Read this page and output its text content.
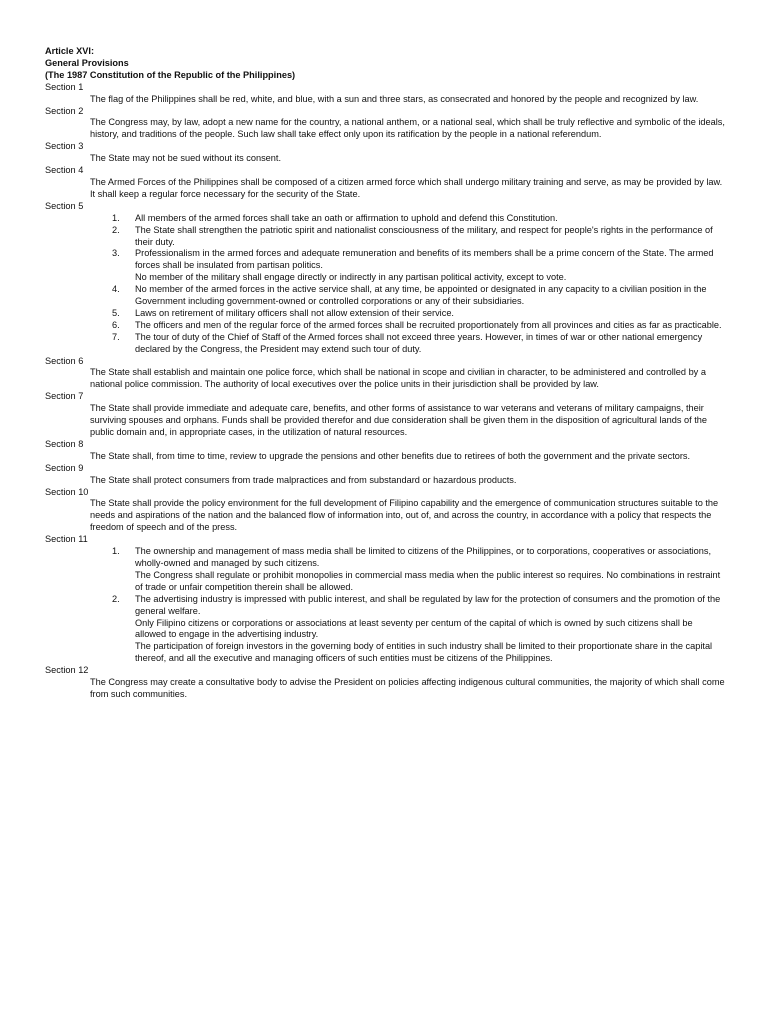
Article XVI:
General Provisions
(The 1987 Constitution of the Republic of the Philippines)
Section 1
The flag of the Philippines shall be red, white, and blue, with a sun and three stars, as consecrated and honored by the people and recognized by law.
Section 2
The Congress may, by law, adopt a new name for the country, a national anthem, or a national seal, which shall be truly reflective and symbolic of the ideals, history, and traditions of the people. Such law shall take effect only upon its ratification by the people in a national referendum.
Section 3
The State may not be sued without its consent.
Section 4
The Armed Forces of the Philippines shall be composed of a citizen armed force which shall undergo military training and serve, as may be provided by law. It shall keep a regular force necessary for the security of the State.
Section 5
1. All members of the armed forces shall take an oath or affirmation to uphold and defend this Constitution.
2. The State shall strengthen the patriotic spirit and nationalist consciousness of the military, and respect for people's rights in the performance of their duty.
3. Professionalism in the armed forces and adequate remuneration and benefits of its members shall be a prime concern of the State. The armed forces shall be insulated from partisan politics.
No member of the military shall engage directly or indirectly in any partisan political activity, except to vote.
4. No member of the armed forces in the active service shall, at any time, be appointed or designated in any capacity to a civilian position in the Government including government-owned or controlled corporations or any of their subsidiaries.
5. Laws on retirement of military officers shall not allow extension of their service.
6. The officers and men of the regular force of the armed forces shall be recruited proportionately from all provinces and cities as far as practicable.
7. The tour of duty of the Chief of Staff of the Armed forces shall not exceed three years. However, in times of war or other national emergency declared by the Congress, the President may extend such tour of duty.
Section 6
The State shall establish and maintain one police force, which shall be national in scope and civilian in character, to be administered and controlled by a national police commission. The authority of local executives over the police units in their jurisdiction shall be provided by law.
Section 7
The State shall provide immediate and adequate care, benefits, and other forms of assistance to war veterans and veterans of military campaigns, their surviving spouses and orphans. Funds shall be provided therefor and due consideration shall be given them in the disposition of agricultural lands of the public domain and, in appropriate cases, in the utilization of natural resources.
Section 8
The State shall, from time to time, review to upgrade the pensions and other benefits due to retirees of both the government and the private sectors.
Section 9
The State shall protect consumers from trade malpractices and from substandard or hazardous products.
Section 10
The State shall provide the policy environment for the full development of Filipino capability and the emergence of communication structures suitable to the needs and aspirations of the nation and the balanced flow of information into, out of, and across the country, in accordance with a policy that respects the freedom of speech and of the press.
Section 11
1. The ownership and management of mass media shall be limited to citizens of the Philippines, or to corporations, cooperatives or associations, wholly-owned and managed by such citizens.
The Congress shall regulate or prohibit monopolies in commercial mass media when the public interest so requires. No combinations in restraint of trade or unfair competition therein shall be allowed.
2. The advertising industry is impressed with public interest, and shall be regulated by law for the protection of consumers and the promotion of the general welfare.
Only Filipino citizens or corporations or associations at least seventy per centum of the capital of which is owned by such citizens shall be allowed to engage in the advertising industry.
The participation of foreign investors in the governing body of entities in such industry shall be limited to their proportionate share in the capital thereof, and all the executive and managing officers of such entities must be citizens of the Philippines.
Section 12
The Congress may create a consultative body to advise the President on policies affecting indigenous cultural communities, the majority of which shall come from such communities.
